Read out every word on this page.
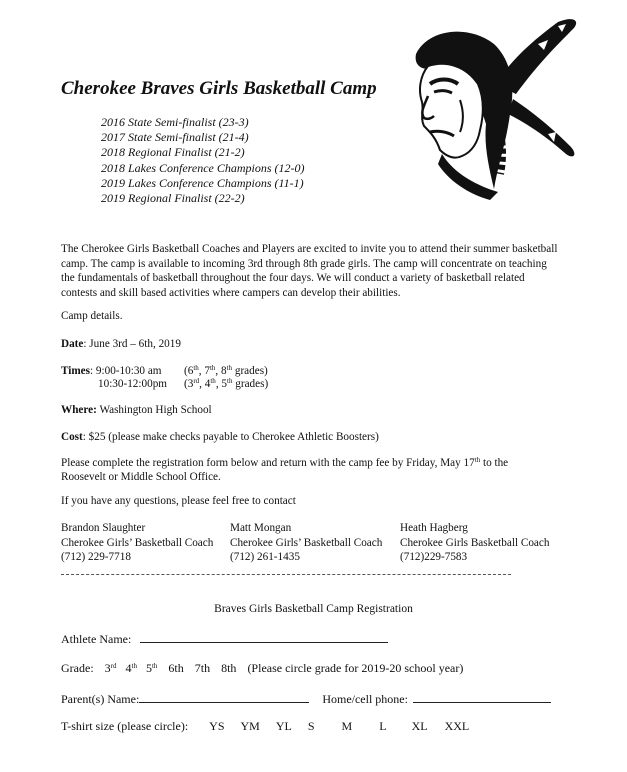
Cherokee Braves Girls Basketball Camp
2016 State Semi-finalist (23-3)
2017 State Semi-finalist (21-4)
2018 Regional Finalist (21-2)
2018 Lakes Conference Champions (12-0)
2019 Lakes Conference Champions (11-1)
2019 Regional Finalist (22-2)
The Cherokee Girls Basketball Coaches and Players are excited to invite you to attend their summer basketball camp. The camp is available to incoming 3rd through 8th grade girls. The camp will concentrate on teaching the fundamentals of basketball throughout the four days. We will conduct a variety of basketball related contests and skill based activities where campers can develop their abilities.
Camp details.
Date: June 3rd – 6th, 2019
Times: 9:00-10:30 am (6th, 7th, 8th grades)
10:30-12:00pm (3rd, 4th, 5th grades)
Where: Washington High School
Cost: $25 (please make checks payable to Cherokee Athletic Boosters)
Please complete the registration form below and return with the camp fee by Friday, May 17th to the
Roosevelt or Middle School Office.
If you have any questions, please feel free to contact
Brandon Slaughter
Cherokee Girls’ Basketball Coach
(712) 229-7718
Matt Mongan
Cherokee Girls’ Basketball Coach
(712) 261-1435
Heath Hagberg
Cherokee Girls Basketball Coach
(712)229-7583
Braves Girls Basketball Camp Registration
Athlete Name:
Grade: 3rd 4th 5th 6th 7th 8th (Please circle grade for 2019-20 school year)
Parent(s) Name:	Home/cell phone:
T-shirt size (please circle): YS YM YL S M L XL XXL
